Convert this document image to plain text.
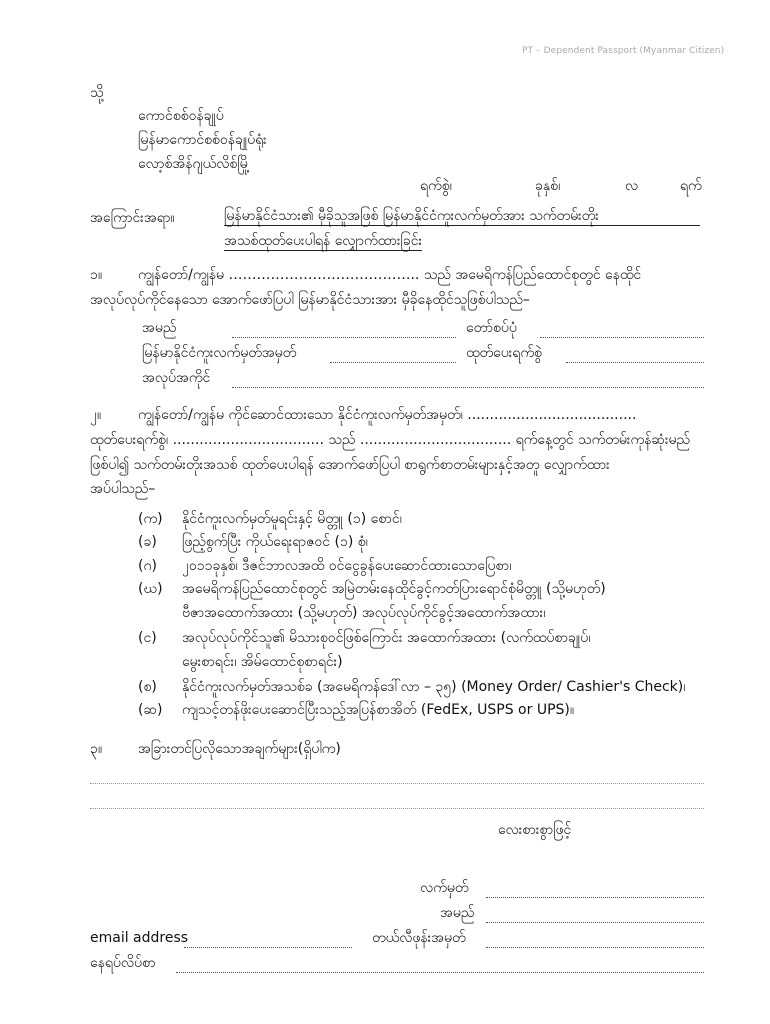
PT – Dependent Passport (Myanmar Citizen)
သို့
ကောင်စစ်ဝန်ချုပ်
မြန်မာကောင်စစ်ဝန်ချုပ်ရုံး
လော့စ်အိန်ဂျယ်လိစ်မြို့
ရက်စွဲ၊	ခုနှစ်၊	လ	ရက်
အကြောင်းအရာ။	မြန်မာနိုင်ငံသား၏ မှီခိုသူအဖြစ် မြန်မာနိုင်ငံကူးလက်မှတ်အား သက်တမ်းတိုး
အသစ်ထုတ်ပေးပါရန် လျှောက်ထားခြင်း
၁။	ကျွန်တော်/ကျွန်မ ………………………………….. သည် အမေရိကန်ပြည်ထောင်စုတွင် နေထိုင်
အလုပ်လုပ်ကိုင်နေသော အောက်ဖော်ပြပါ မြန်မာနိုင်ငံသားအား မှီခိုနေထိုင်သူဖြစ်ပါသည်–
အမည်	တော်စပ်ပုံ
မြန်မာနိုင်ငံကူးလက်မှတ်အမှတ်	ထုတ်ပေးရက်စွဲ
အလုပ်အကိုင်
၂။	ကျွန်တော်/ကျွန်မ ကိုင်ဆောင်ထားသော နိုင်ငံကူးလက်မှတ်အမှတ်၊ ......................................
ထုတ်ပေးရက်စွဲ၊ .................................. သည် .................................. ရက်နေ့တွင် သက်တမ်းကုန်ဆုံးမည်
ဖြစ်ပါ၍ သက်တမ်းတိုးအသစ် ထုတ်ပေးပါရန် အောက်ဖော်ပြပါ စာရွက်စာတမ်းများနှင့်အတူ လျှောက်ထား
အပ်ပါသည်–
(က) နိုင်ငံကူးလက်မှတ်မူရင်းနှင့် မိတ္တူ (၁) စောင်၊
(ခ) ဖြည့်စွက်ပြီး ကိုယ်ရေးရာဇဝင် (၁) စုံ၊
(ဂ) ၂၀၁၁ခုနှစ်၊ ဒီဇင်ဘာလအထိ ဝင်ငွေခွန်ပေးဆောင်ထားသောပြေစာ၊
(ဃ) အမေရိကန်ပြည်ထောင်စုတွင် အမြဲတမ်းနေထိုင်ခွင့်ကတ်ပြားရောင်စုံမိတ္တူ (သို့မဟုတ်)
ဗီဇာအထောက်အထား (သို့မဟုတ်) အလုပ်လုပ်ကိုင်ခွင့်အထောက်အထား၊
(င) အလုပ်လုပ်ကိုင်သူ၏ မိသားစုဝင်ဖြစ်ကြောင်း အထောက်အထား (လက်ထပ်စာချုပ်၊
မွေးစာရင်း၊ အိမ်ထောင်စုစာရင်း)
(စ) နိုင်ငံကူးလက်မှတ်အသစ်ခ (အမေရိကန်ဒေါ်လာ – ၃၅) (Money Order/ Cashier's Check)၊
(ဆ) ကျသင့်တန်ဖိုးပေးဆောင်ပြီးသည့်အပြန်စာအိတ် (FedEx, USPS or UPS)။
၃။	အခြားတင်ပြလိုသောအချက်များ(ရှိပါက)
လေးစားစွာဖြင့်
လက်မှတ်
အမည်
email address	တယ်လီဖုန်းအမှတ်
နေရပ်လိပ်စာ
